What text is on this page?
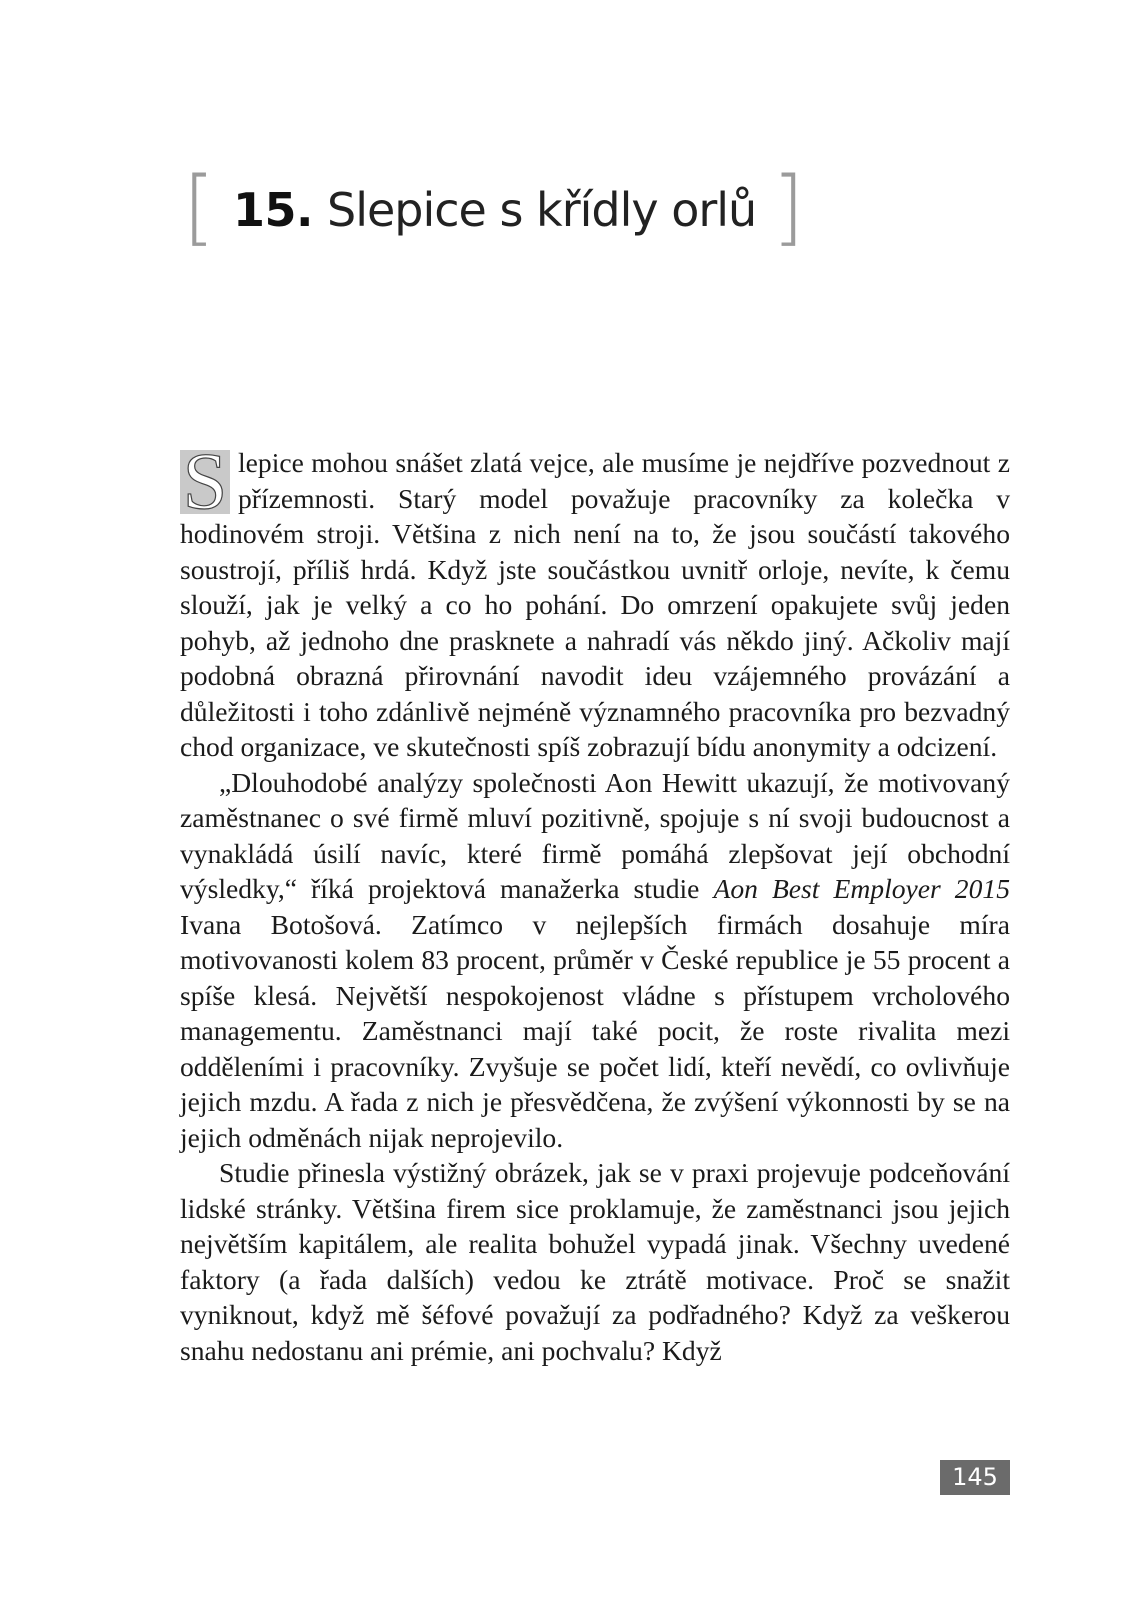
[ 15. Slepice s křídly orlů ]

S lepice mohou snášet zlatá vejce, ale musíme je nejdříve pozvednout z přízemnosti. Starý model považuje pracovníky za kolečka v hodinovém stroji. Většina z nich není na to, že jsou součástí takového soustrojí, příliš hrdá. Když jste součástkou uvnitř orloje, nevíte, k čemu slouží, jak je velký a co ho pohání. Do omrzení opakujete svůj jeden pohyb, až jednoho dne prasknete a nahradí vás někdo jiný. Ačkoliv mají podobná obrazná přirovnání navodit ideu vzájemného provázání a důležitosti i toho zdánlivě nejméně významného pracovníka pro bezvadný chod organizace, ve skutečnosti spíš zobrazují bídu anonymity a odcizení.

„Dlouhodobé analýzy společnosti Aon Hewitt ukazují, že motivovaný zaměstnanec o své firmě mluví pozitivně, spojuje s ní svoji budoucnost a vynakládá úsilí navíc, které firmě pomáhá zlepšovat její obchodní výsledky,“ říká projektová manažerka studie Aon Best Employer 2015 Ivana Botošová. Zatímco v nejlepších firmách dosahuje míra motivovanosti kolem 83 procent, průměr v České republice je 55 procent a spíše klesá. Největší nespokojenost vládne s přístupem vrcholového managementu. Zaměstnanci mají také pocit, že roste rivalita mezi odděleními i pracovníky. Zvyšuje se počet lidí, kteří nevědí, co ovlivňuje jejich mzdu. A řada z nich je přesvědčena, že zvýšení výkonnosti by se na jejich odměnách nijak neprojevilo.

Studie přinesla výstižný obrázek, jak se v praxi projevuje podceňování lidské stránky. Většina firem sice proklamuje, že zaměstnanci jsou jejich největším kapitálem, ale realita bohužel vypadá jinak. Všechny uvedené faktory (a řada dalších) vedou ke ztrátě motivace. Proč se snažit vyniknout, když mě šéfové považují za podřadného? Když za veškerou snahu nedostanu ani prémie, ani pochvalu? Když

145
